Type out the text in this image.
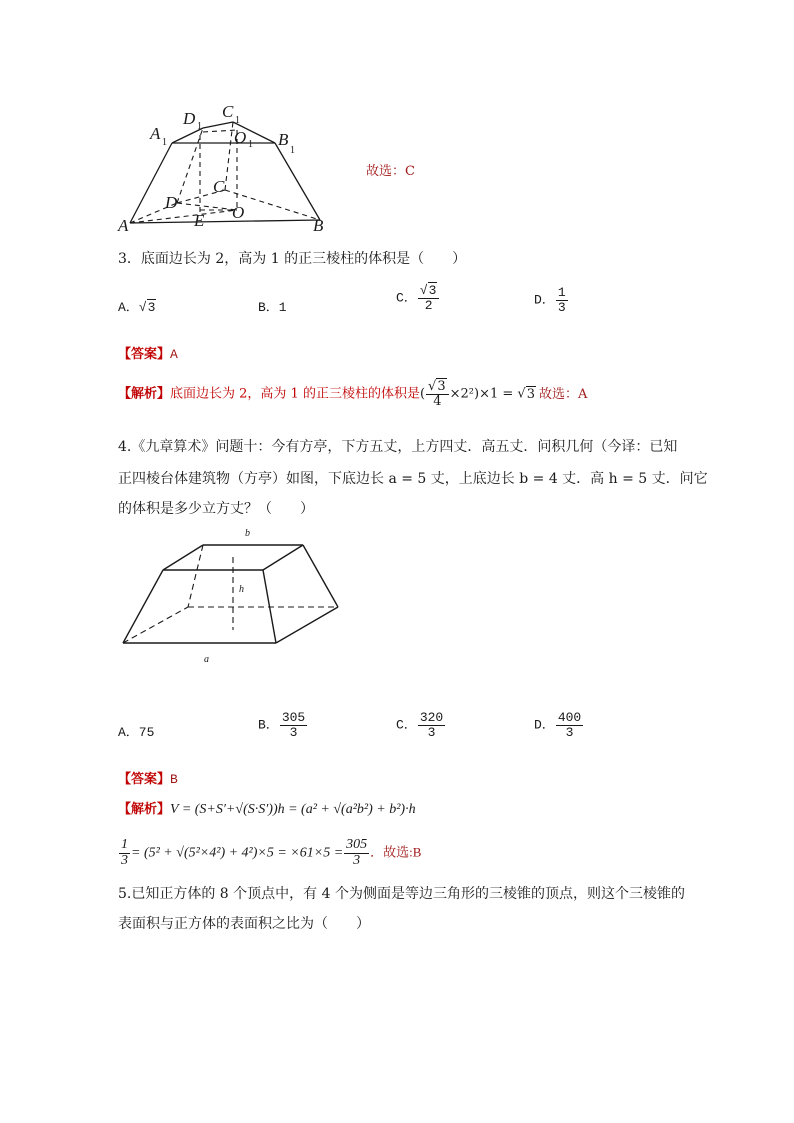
A 1
D 1
C 1
O 1 B
1
A
D
E
C
O
B
故选：C
3．底面边长为 2，高为 1 的正三棱柱的体积是（　　）
A．√3	B．1
C． $\frac{√3}{2}$	D． $\frac{1}{3}$
【答案】A
【解析】底面边长为 2，高为 1 的正三棱柱的体积是( $\frac{√3}{4} \times 2^2)\times 1 = √3$ 故选：A
4.《九章算术》问题十：今有方亭，下方五丈，上方四丈．高五丈．问积几何（今译：已知
正四棱台体建筑物（方亭）如图，下底边长 a = 5 丈，上底边长 b = 4 丈．高 h = 5 丈．问它
的体积是多少立方丈？（　　）
b
h
a
A．75	B． $\frac{305}{3}$	C． $\frac{320}{3}$	D． $\frac{400}{3}$
【答案】B
【解析】V = (S+S′+√(S·S′))h = (a² + √(a²b²) + b²)·h
$\frac{1}{3} = (5^2 + √(5^2\times 4^2) + 4^2)\times 5 = \times 61\times 5 = \frac{305}{3}$ ．故选:B
5.已知正方体的 8 个顶点中，有 4 个为侧面是等边三角形的三棱锥的顶点，则这个三棱锥的
表面积与正方体的表面积之比为（　　）
